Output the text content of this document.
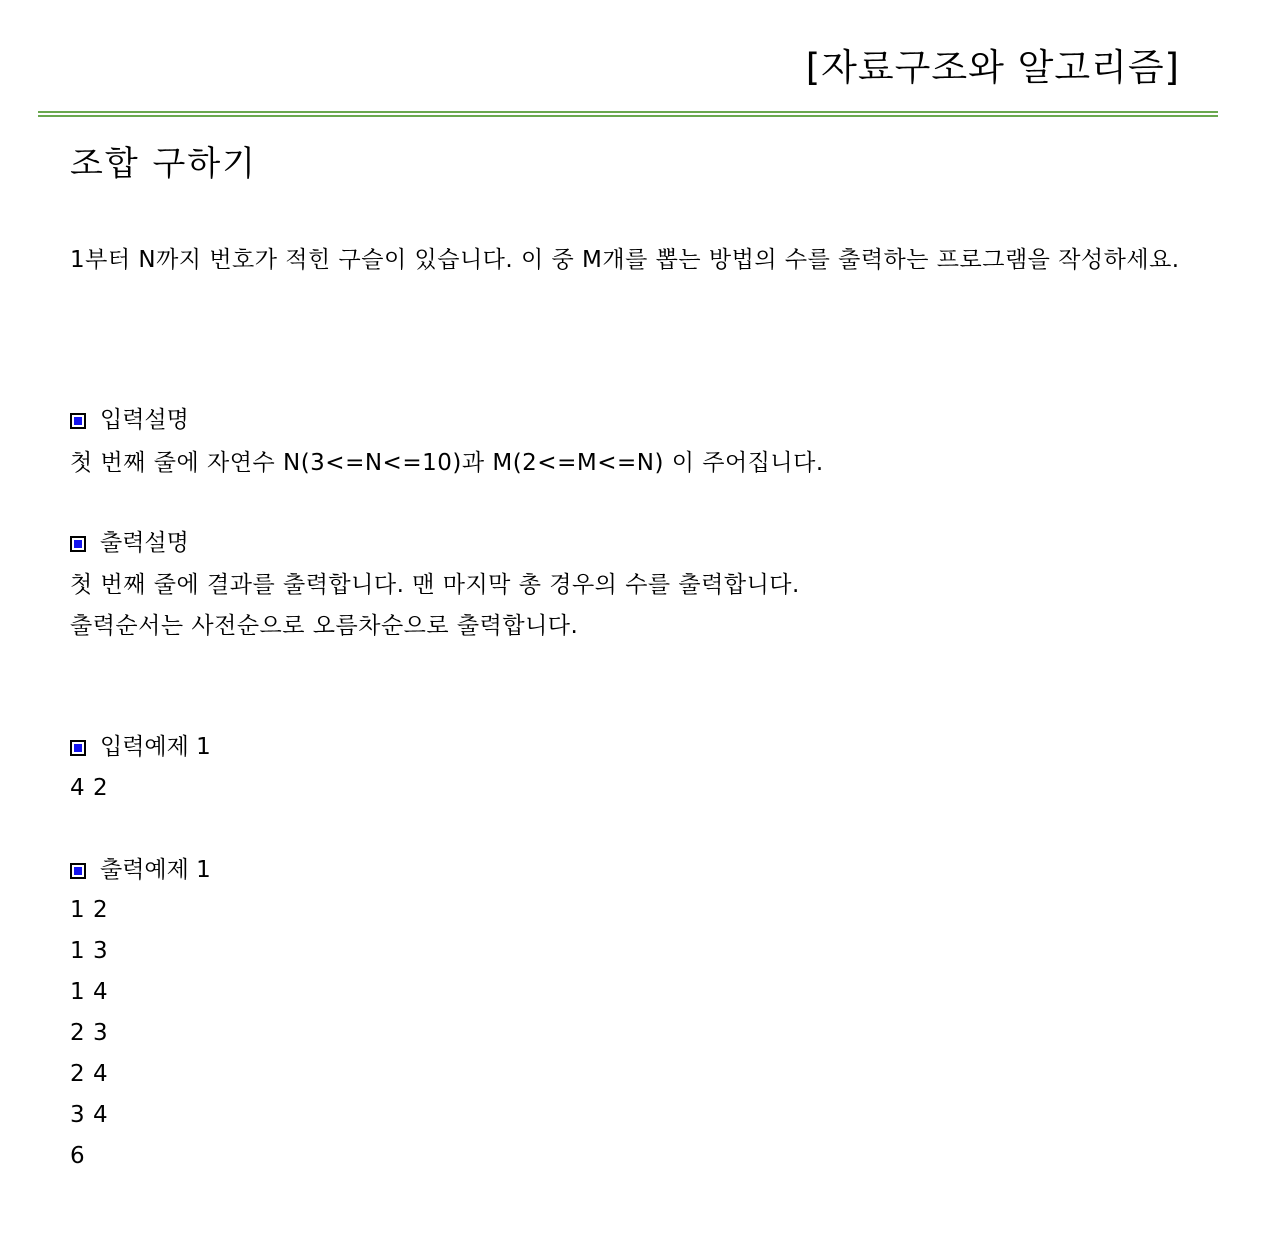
[자료구조와 알고리즘]
조합 구하기
1부터 N까지 번호가 적힌 구슬이 있습니다. 이 중 M개를 뽑는 방법의 수를 출력하는 프로그램을 작성하세요.
입력설명
첫 번째 줄에 자연수 N(3<=N<=10)과 M(2<=M<=N) 이 주어집니다.
출력설명
첫 번째 줄에 결과를 출력합니다. 맨 마지막 총 경우의 수를 출력합니다.
출력순서는 사전순으로 오름차순으로 출력합니다.
입력예제 1
4 2
출력예제 1
1 2
1 3
1 4
2 3
2 4
3 4
6
